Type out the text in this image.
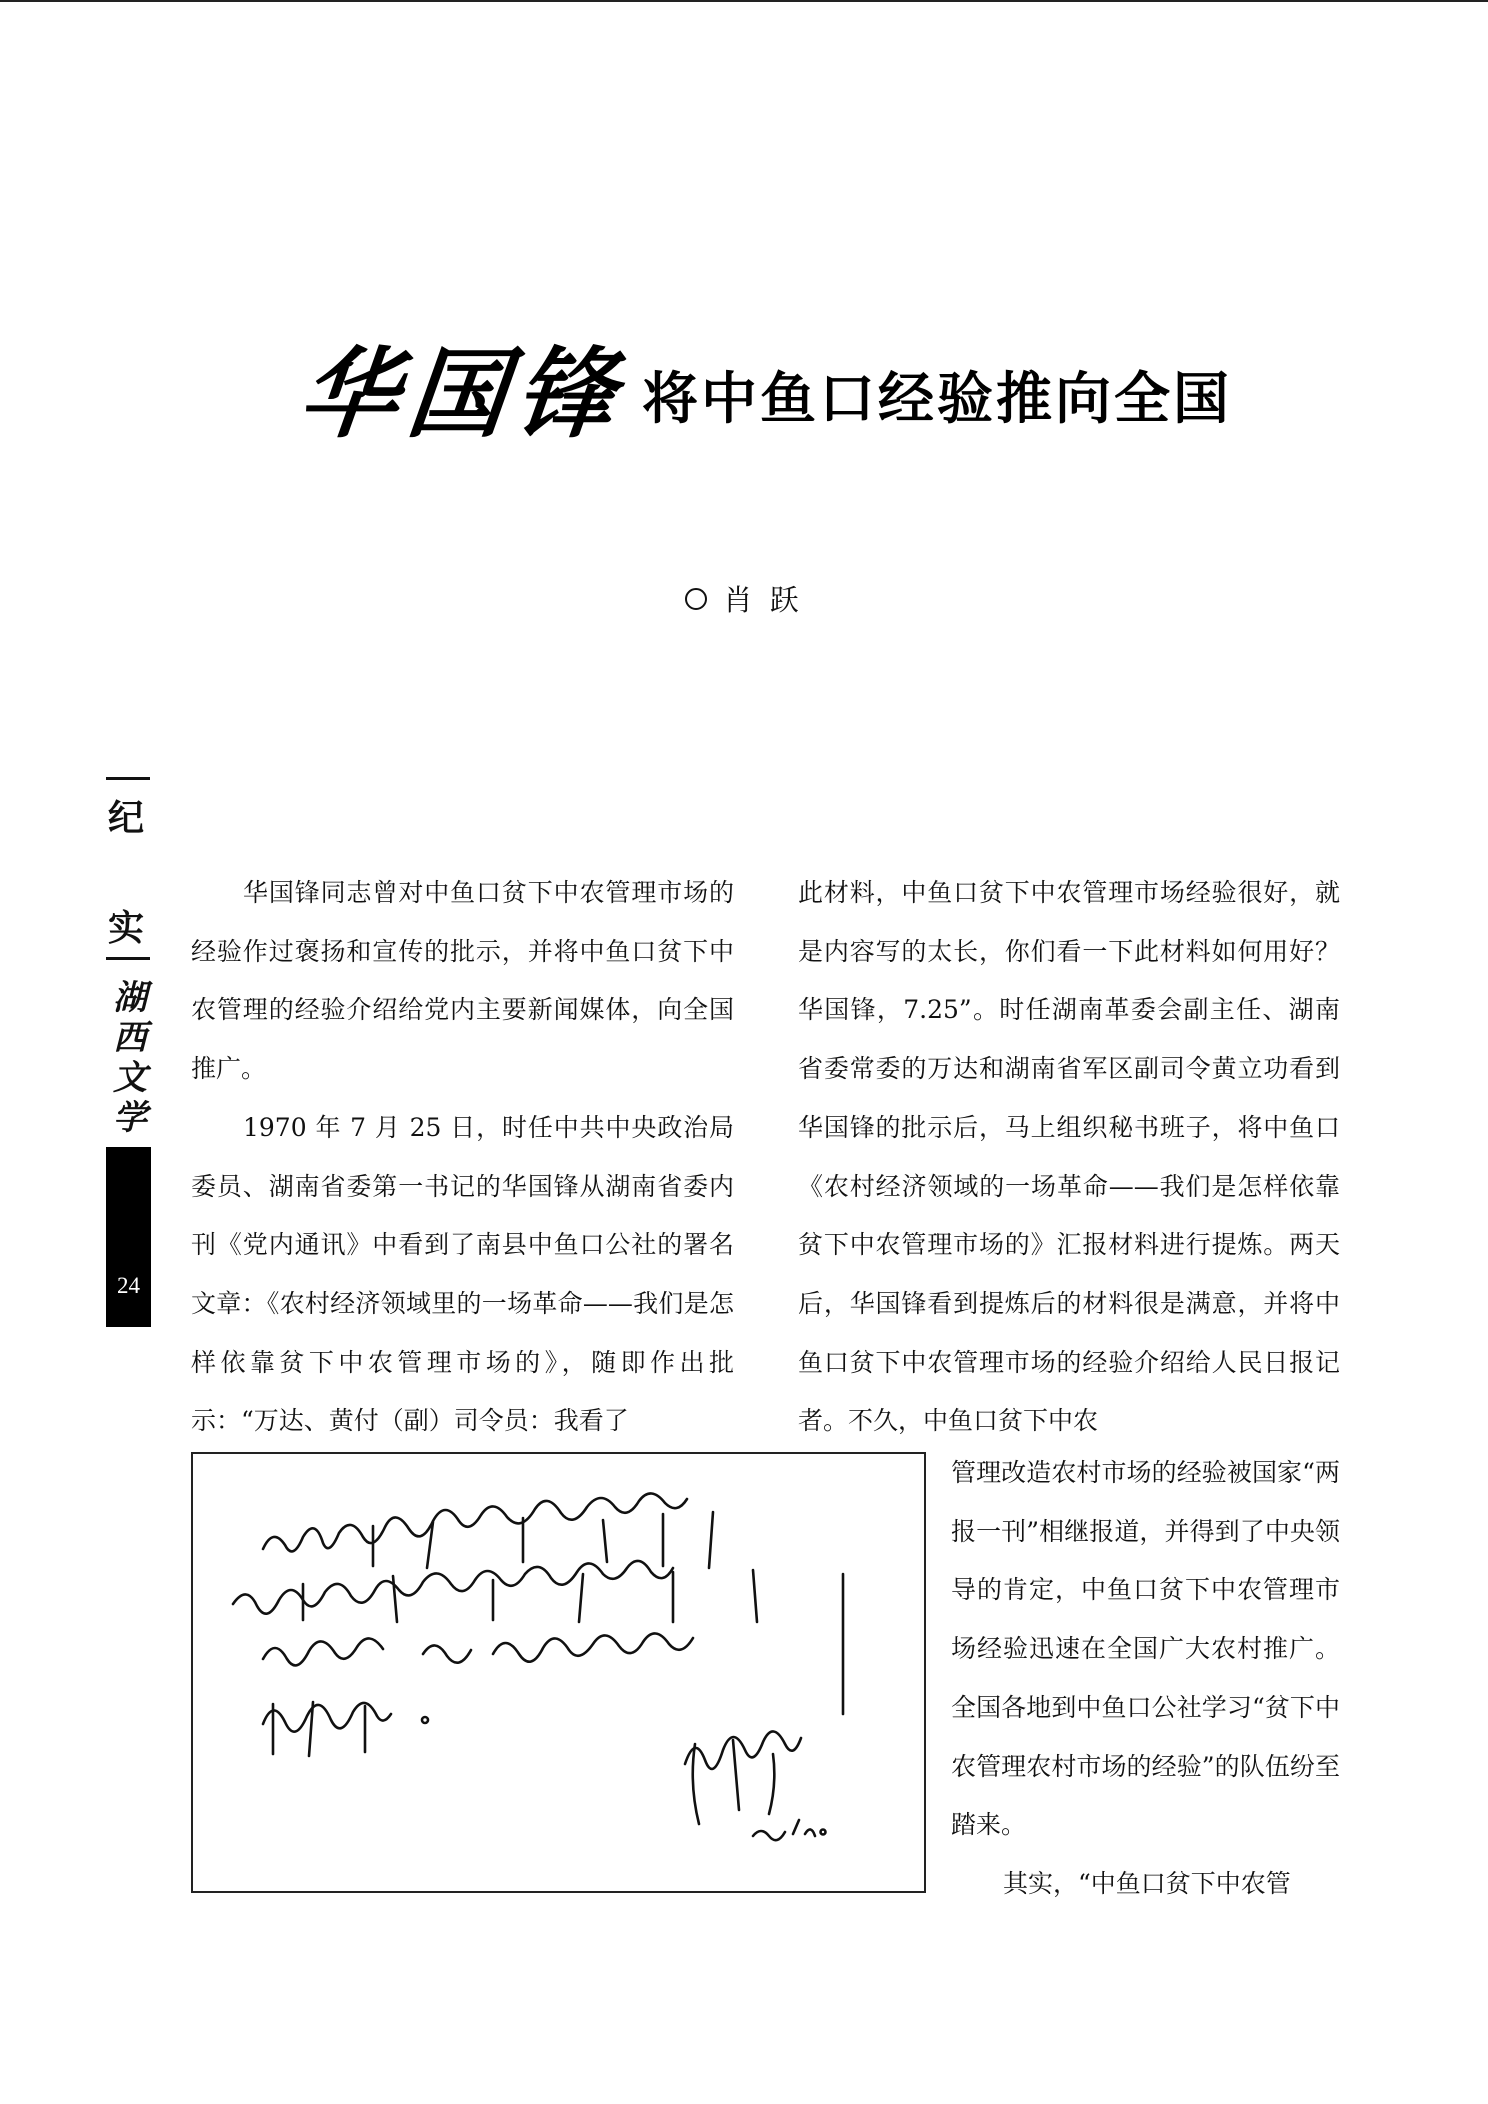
华国锋 将中鱼口经验推向全国
肖 跃
纪
实
湖
西
文
学
24

华国锋同志曾对中鱼口贫下中农管理市场的经验作过褒扬和宣传的批示，并将中鱼口贫下中农管理的经验介绍给党内主要新闻媒体，向全国推广。

1970 年 7 月 25 日，时任中共中央政治局委员、湖南省委第一书记的华国锋从湖南省委内刊《党内通讯》中看到了南县中鱼口公社的署名文章：《农村经济领域里的一场革命——我们是怎样依靠贫下中农管理市场的》，随即作出批示：“万达、黄付（副）司令员：我看了

此材料，中鱼口贫下中农管理市场经验很好，就是内容写的太长，你们看一下此材料如何用好？华国锋，7.25”。时任湖南革委会副主任、湖南省委常委的万达和湖南省军区副司令黄立功看到华国锋的批示后，马上组织秘书班子，将中鱼口《农村经济领域的一场革命——我们是怎样依靠贫下中农管理市场的》汇报材料进行提炼。两天后，华国锋看到提炼后的材料很是满意，并将中鱼口贫下中农管理市场的经验介绍给人民日报记者。不久，中鱼口贫下中农

管理改造农村市场的经验被国家“两报一刊”相继报道，并得到了中央领导的肯定，中鱼口贫下中农管理市场经验迅速在全国广大农村推广。全国各地到中鱼口公社学习“贫下中农管理农村市场的经验”的队伍纷至踏来。

其实，“中鱼口贫下中农管
